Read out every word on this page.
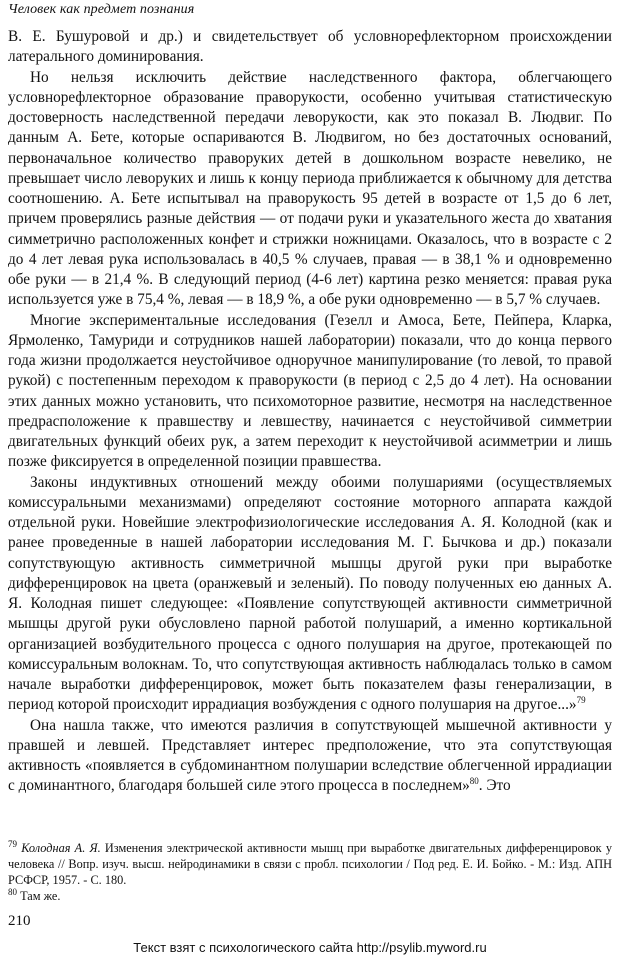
Человек как предмет познания

В. Е. Бушуровой и др.) и свидетельствует об условнорефлекторном происхождении латерального доминирования.

Но нельзя исключить действие наследственного фактора, облегчающего условнорефлекторное образование праворукости, особенно учитывая статистическую достоверность наследственной передачи леворукости, как это показал В. Людвиг. По данным А. Бете, которые оспариваются В. Людвигом, но без достаточных оснований, первоначальное количество праворуких детей в дошкольном возрасте невелико, не превышает число леворуких и лишь к концу периода приближается к обычному для детства соотношению. А. Бете испытывал на праворукость 95 детей в возрасте от 1,5 до 6 лет, причем проверялись разные действия — от подачи руки и указательного жеста до хватания симметрично расположенных конфет и стрижки ножницами. Оказалось, что в возрасте с 2 до 4 лет левая рука использовалась в 40,5 % случаев, правая — в 38,1 % и одновременно обе руки — в 21,4 %. В следующий период (4-6 лет) картина резко меняется: правая рука используется уже в 75,4 %, левая — в 18,9 %, а обе руки одновременно — в 5,7 % случаев.

Многие экспериментальные исследования (Гезелл и Амоса, Бете, Пейпера, Кларка, Ярмоленко, Тамуриди и сотрудников нашей лаборатории) показали, что до конца первого года жизни продолжается неустойчивое одноручное манипулирование (то левой, то правой рукой) с постепенным переходом к праворукости (в период с 2,5 до 4 лет). На основании этих данных можно установить, что психомоторное развитие, несмотря на наследственное предрасположение к правшеству и левшеству, начинается с неустойчивой симметрии двигательных функций обеих рук, а затем переходит к неустойчивой асимметрии и лишь позже фиксируется в определенной позиции правшества.

Законы индуктивных отношений между обоими полушариями (осуществляемых комиссуральными механизмами) определяют состояние моторного аппарата каждой отдельной руки. Новейшие электрофизиологические исследования А. Я. Колодной (как и ранее проведенные в нашей лаборатории исследования М. Г. Бычкова и др.) показали сопутствующую активность симметричной мышцы другой руки при выработке дифференцировок на цвета (оранжевый и зеленый). По поводу полученных ею данных А. Я. Колодная пишет следующее: «Появление сопутствующей активности симметричной мышцы другой руки обусловлено парной работой полушарий, а именно кортикальной организацией возбудительного процесса с одного полушария на другое, протекающей по комиссуральным волокнам. То, что сопутствующая активность наблюдалась только в самом начале выработки дифференцировок, может быть показателем фазы генерализации, в период которой происходит иррадиация возбуждения с одного полушария на другое...»$^{79}$

Она нашла также, что имеются различия в сопутствующей мышечной активности у правшей и левшей. Представляет интерес предположение, что эта сопутствующая активность «появляется в субдоминантном полушарии вследствие облегченной иррадиации с доминантного, благодаря большей силе этого процесса в последнем»$^{80}$. Это

$^{79}$ Колодная А. Я. Изменения электрической активности мышц при выработке двигательных дифференцировок у человека // Вопр. изуч. высш. нейродинамики в связи с пробл. психологии / Под ред. Е. И. Бойко. - М.: Изд. АПН РСФСР, 1957. - С. 180.

$^{80}$ Там же.

210
Текст взят с психологического сайта http://psylib.myword.ru
